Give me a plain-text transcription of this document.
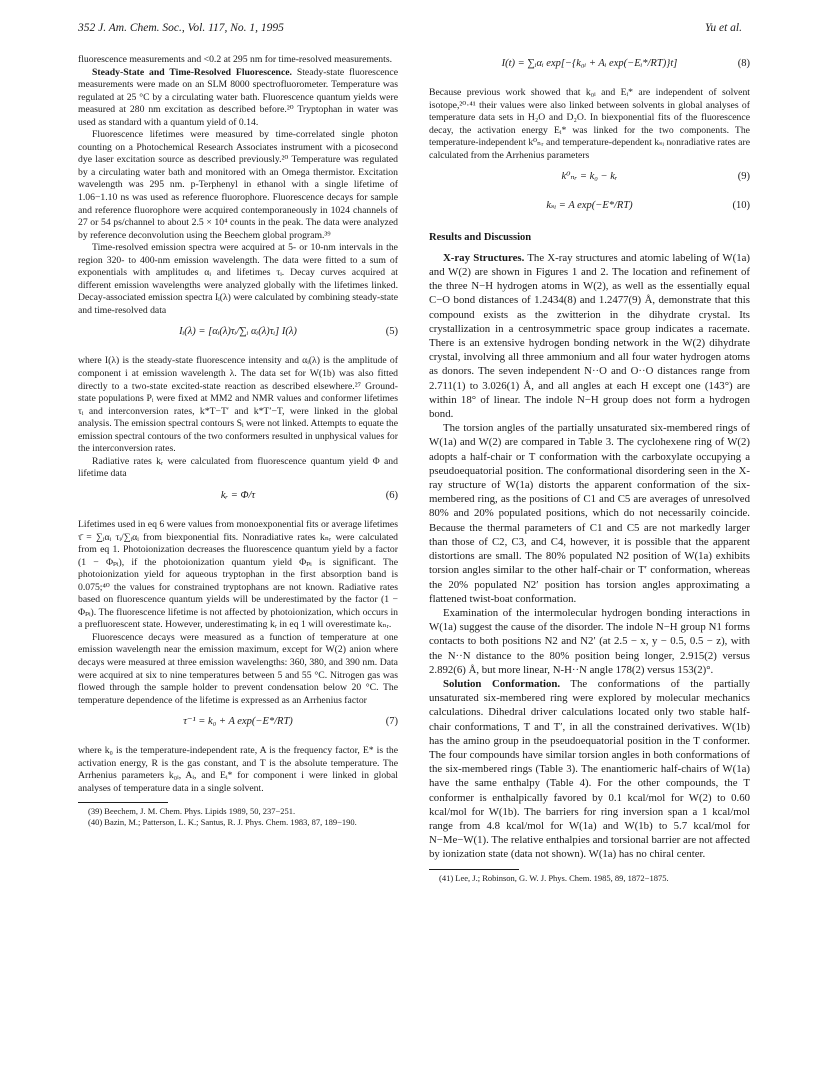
352 J. Am. Chem. Soc., Vol. 117, No. 1, 1995	Yu et al.

fluorescence measurements and <0.2 at 295 nm for time-resolved measurements.

Steady-State and Time-Resolved Fluorescence. Steady-state fluorescence measurements were made on an SLM 8000 spectrofluorometer. Temperature was regulated at 25 °C by a circulating water bath. Fluorescence quantum yields were measured at 280 nm excitation as described before.²⁰ Tryptophan in water was used as standard with a quantum yield of 0.14.

Fluorescence lifetimes were measured by time-correlated single photon counting on a Photochemical Research Associates instrument with a picosecond dye laser excitation source as described previously.²⁰ Temperature was regulated by a circulating water bath and monitored with an Omega thermistor. Excitation wavelength was 295 nm. p-Terphenyl in ethanol with a single lifetime of 1.06−1.10 ns was used as reference fluorophore. Fluorescence decays for sample and reference fluorophore were acquired contemporaneously in 1024 channels of 27 or 54 ps/channel to about 2.5 × 10⁴ counts in the peak. The data were analyzed by reference deconvolution using the Beechem global program.³⁹

Time-resolved emission spectra were acquired at 5- or 10-nm intervals in the region 320- to 400-nm emission wavelength. The data were fitted to a sum of exponentials with amplitudes αᵢ and lifetimes τᵢ. Decay curves acquired at different emission wavelengths were analyzed globally with the lifetimes linked. Decay-associated emission spectra Iᵢ(λ) were calculated by combining steady-state and time-resolved data

Iᵢ(λ) = [αᵢ(λ)τᵢ/∑ᵢ αᵢ(λ)τᵢ] I(λ)	(5)

where I(λ) is the steady-state fluorescence intensity and αᵢ(λ) is the amplitude of component i at emission wavelength λ. The data set for W(1b) was also fitted directly to a two-state excited-state reaction as described elsewhere.²⁷ Ground-state populations Pᵢ were fixed at MM2 and NMR values and conformer lifetimes τᵢ and interconversion rates, k*T−T′ and k*T′−T, were linked in the global analysis. The emission spectral contours Sᵢ were not linked. Attempts to equate the emission spectral contours of the two conformers resulted in unphysical values for the interconversion rates.

Radiative rates kᵣ were calculated from fluorescence quantum yield Φ and lifetime data

kᵣ = Φ/τ	(6)

Lifetimes used in eq 6 were values from monoexponential fits or average lifetimes τ̄ = ∑ᵢαᵢ τᵢ/∑ᵢαᵢ from biexponential fits. Nonradiative rates kₙᵣ were calculated from eq 1. Photoionization decreases the fluorescence quantum yield by a factor (1 − Φₚᵢ), if the photoionization quantum yield Φₚᵢ is significant. The photoionization yield for aqueous tryptophan in the first absorption band is 0.075;⁴⁰ the values for constrained tryptophans are not known. Radiative rates based on fluorescence quantum yields will be underestimated by the factor (1 − Φₚᵢ). The fluorescence lifetime is not affected by photoionization, which occurs in a prefluorescent state. However, underestimating kᵣ in eq 1 will overestimate kₙᵣ.

Fluorescence decays were measured as a function of temperature at one emission wavelength near the emission maximum, except for W(2) anion where decays were measured at three emission wavelengths: 360, 380, and 390 nm. Data were acquired at six to nine temperatures between 5 and 55 °C. Nitrogen gas was flowed through the sample holder to prevent condensation below 20 °C. The temperature dependence of the lifetime is expressed as an Arrhenius factor

τ⁻¹ = k₀ + A exp(−E*/RT)	(7)

where k₀ is the temperature-independent rate, A is the frequency factor, E* is the activation energy, R is the gas constant, and T is the absolute temperature. The Arrhenius parameters k₀ᵢ, Aᵢ, and Eᵢ* for component i were linked in global analyses of temperature data in a single solvent.

(39) Beechem, J. M. Chem. Phys. Lipids 1989, 50, 237−251.

(40) Bazin, M.; Patterson, L. K.; Santus, R. J. Phys. Chem. 1983, 87, 189−190.

I(t) = ∑ᵢαᵢ exp[−{k₀ᵢ + Aᵢ exp(−Eᵢ*/RT)}t]	(8)

Because previous work showed that k₀ᵢ and Eᵢ* are independent of solvent isotope,²⁰·⁴¹ their values were also linked between solvents in global analyses of temperature data sets in H₂O and D₂O. In biexponential fits of the fluorescence decay, the activation energy Eᵢ* was linked for the two components. The temperature-independent k⁰ₙᵣ and temperature-dependent kₛᵢ nonradiative rates are calculated from the Arrhenius parameters

k⁰ₙᵣ = k₀ − kᵣ	(9)
kₛᵢ = A exp(−E*/RT)	(10)
Results and Discussion

X-ray Structures. The X-ray structures and atomic labeling of W(1a) and W(2) are shown in Figures 1 and 2. The location and refinement of the three N−H hydrogen atoms in W(2), as well as the essentially equal C−O bond distances of 1.2434(8) and 1.2477(9) Å, demonstrate that this compound exists as the zwitterion in the dihydrate crystal. Its crystallization in a centrosymmetric space group indicates a racemate. There is an extensive hydrogen bonding network in the W(2) dihydrate crystal, involving all three ammonium and all four water hydrogen atoms as donors. The seven independent N··O and O··O distances range from 2.711(1) to 3.026(1) Å, and all angles at each H except one (143°) are within 18° of linear. The indole N−H group does not form a hydrogen bond.

The torsion angles of the partially unsaturated six-membered rings of W(1a) and W(2) are compared in Table 3. The cyclohexene ring of W(2) adopts a half-chair or T conformation with the carboxylate occupying a pseudoequatorial position. The conformational disordering seen in the X-ray structure of W(1a) distorts the apparent conformation of the six-membered ring, as the positions of C1 and C5 are averages of unresolved 80% and 20% populated positions, which do not necessarily coincide. Because the thermal parameters of C1 and C5 are not markedly larger than those of C2, C3, and C4, however, it is possible that the apparent distortions are small. The 80% populated N2 position of W(1a) exhibits torsion angles similar to the other half-chair or T′ conformation, whereas the 20% populated N2′ position has torsion angles approximating a flattened twist-boat conformation.

Examination of the intermolecular hydrogen bonding interactions in W(1a) suggest the cause of the disorder. The indole N−H group N1 forms contacts to both positions N2 and N2′ (at 2.5 − x, y − 0.5, 0.5 − z), with the N··N distance to the 80% position being longer, 2.915(2) versus 2.892(6) Å, but more linear, N-H··N angle 178(2) versus 153(2)°.

Solution Conformation. The conformations of the partially unsaturated six-membered ring were explored by molecular mechanics calculations. Dihedral driver calculations located only two stable half-chair conformations, T and T′, in all the constrained derivatives. W(1b) has the amino group in the pseudoequatorial position in the T conformer. The four compounds have similar torsion angles in both conformations of the six-membered rings (Table 3). The enantiomeric half-chairs of W(1a) have the same enthalpy (Table 4). For the other compounds, the T conformer is enthalpically favored by 0.1 kcal/mol for W(2) to 0.60 kcal/mol for W(1b). The barriers for ring inversion span a 1 kcal/mol range from 4.8 kcal/mol for W(1a) and W(1b) to 5.7 kcal/mol for N−Me−W(1). The relative enthalpies and torsional barrier are not affected by ionization state (data not shown). W(1a) has no chiral center.

(41) Lee, J.; Robinson, G. W. J. Phys. Chem. 1985, 89, 1872−1875.
